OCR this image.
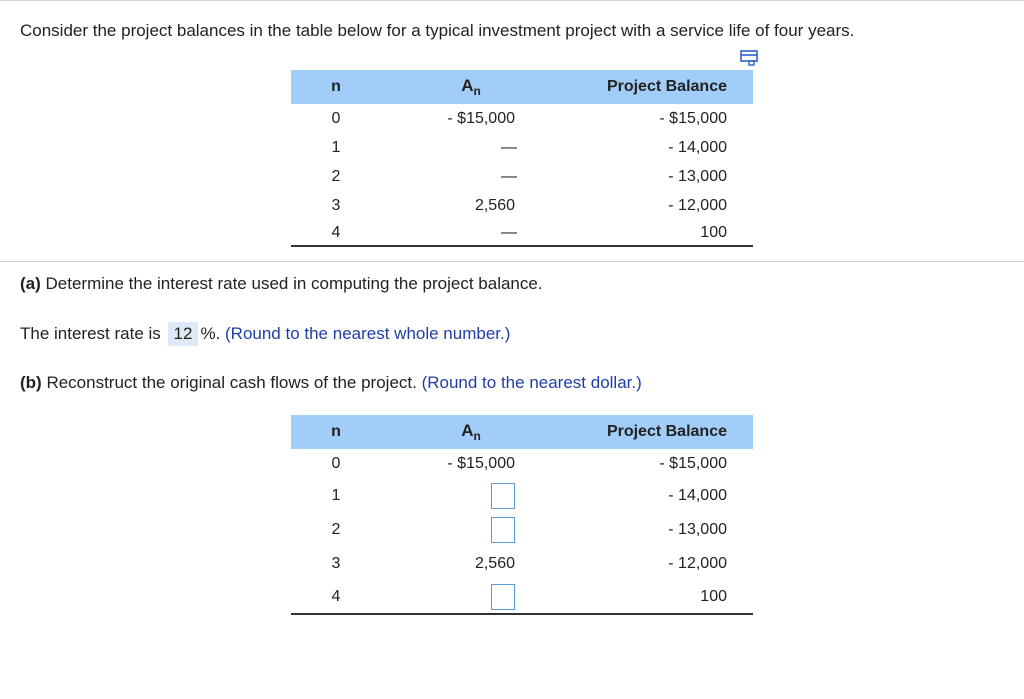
Consider the project balances in the table below for a typical investment project with a service life of four years.
n	$A_n$	Project Balance
0	- $15,000	- $15,000
1	—	- 14,000
2	—	- 13,000
3	2,560	- 12,000
4	—	100
(a) Determine the interest rate used in computing the project balance.
The interest rate is 12 %. (Round to the nearest whole number.)
(b) Reconstruct the original cash flows of the project. (Round to the nearest dollar.)
n	$A_n$	Project Balance
0	- $15,000	- $15,000
1		- 14,000
2		- 13,000
3	2,560	- 12,000
4		100
